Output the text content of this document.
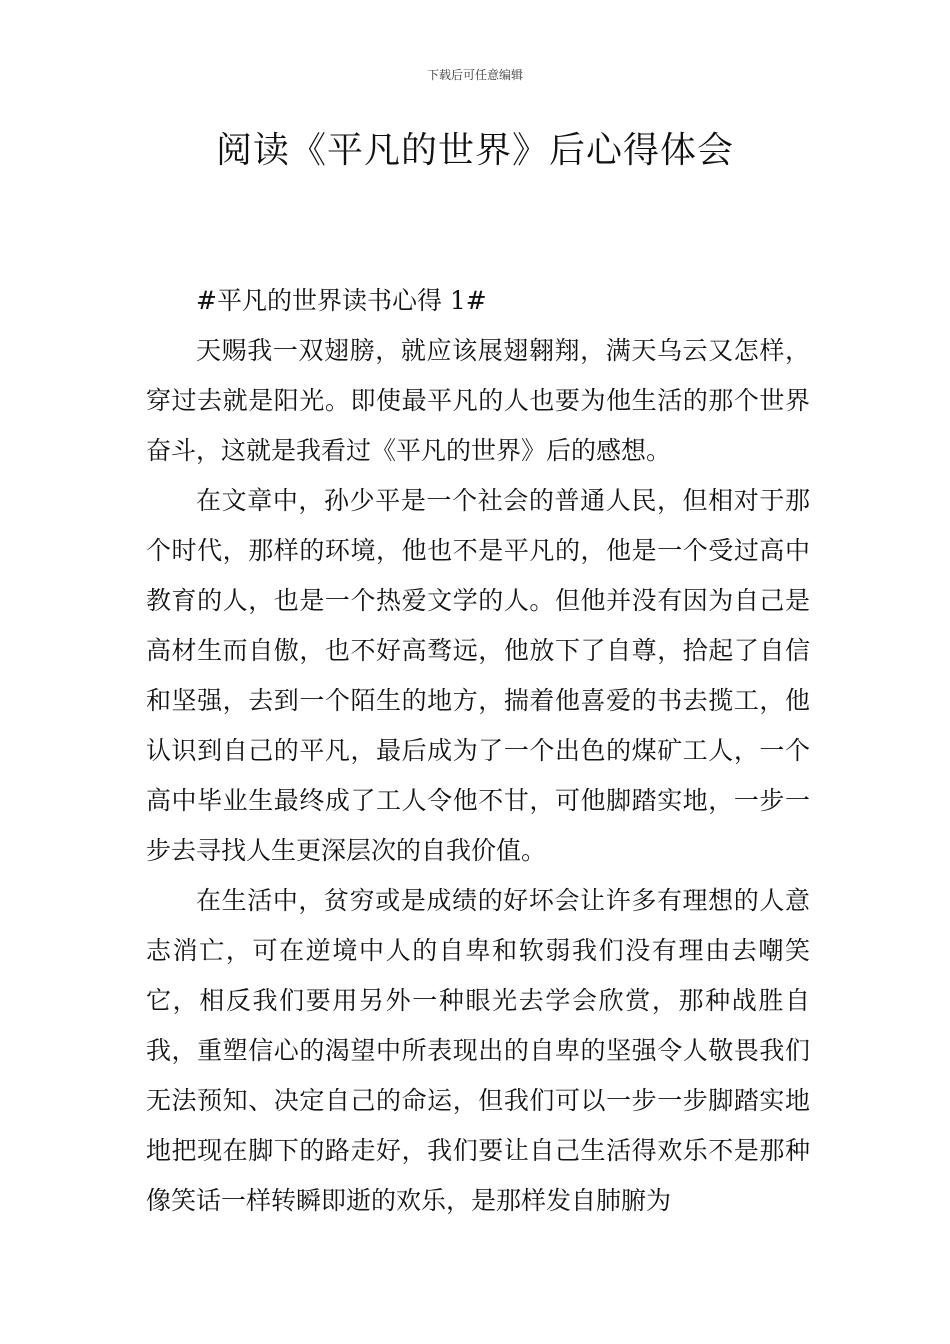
下载后可任意编辑
阅读《平凡的世界》后心得体会

#平凡的世界读书心得 1#

天赐我一双翅膀，就应该展翅翱翔，满天乌云又怎样，穿过去就是阳光。即使最平凡的人也要为他生活的那个世界奋斗，这就是我看过《平凡的世界》后的感想。

在文章中，孙少平是一个社会的普通人民，但相对于那个时代，那样的环境，他也不是平凡的，他是一个受过高中教育的人，也是一个热爱文学的人。但他并没有因为自己是高材生而自傲，也不好高骛远，他放下了自尊，拾起了自信和坚强，去到一个陌生的地方，揣着他喜爱的书去揽工，他认识到自己的平凡，最后成为了一个出色的煤矿工人，一个高中毕业生最终成了工人令他不甘，可他脚踏实地，一步一步去寻找人生更深层次的自我价值。

在生活中，贫穷或是成绩的好坏会让许多有理想的人意志消亡，可在逆境中人的自卑和软弱我们没有理由去嘲笑它，相反我们要用另外一种眼光去学会欣赏，那种战胜自我，重塑信心的渴望中所表现出的自卑的坚强令人敬畏我们无法预知、决定自己的命运，但我们可以一步一步脚踏实地地把现在脚下的路走好，我们要让自己生活得欢乐不是那种像笑话一样转瞬即逝的欢乐，是那样发自肺腑为
